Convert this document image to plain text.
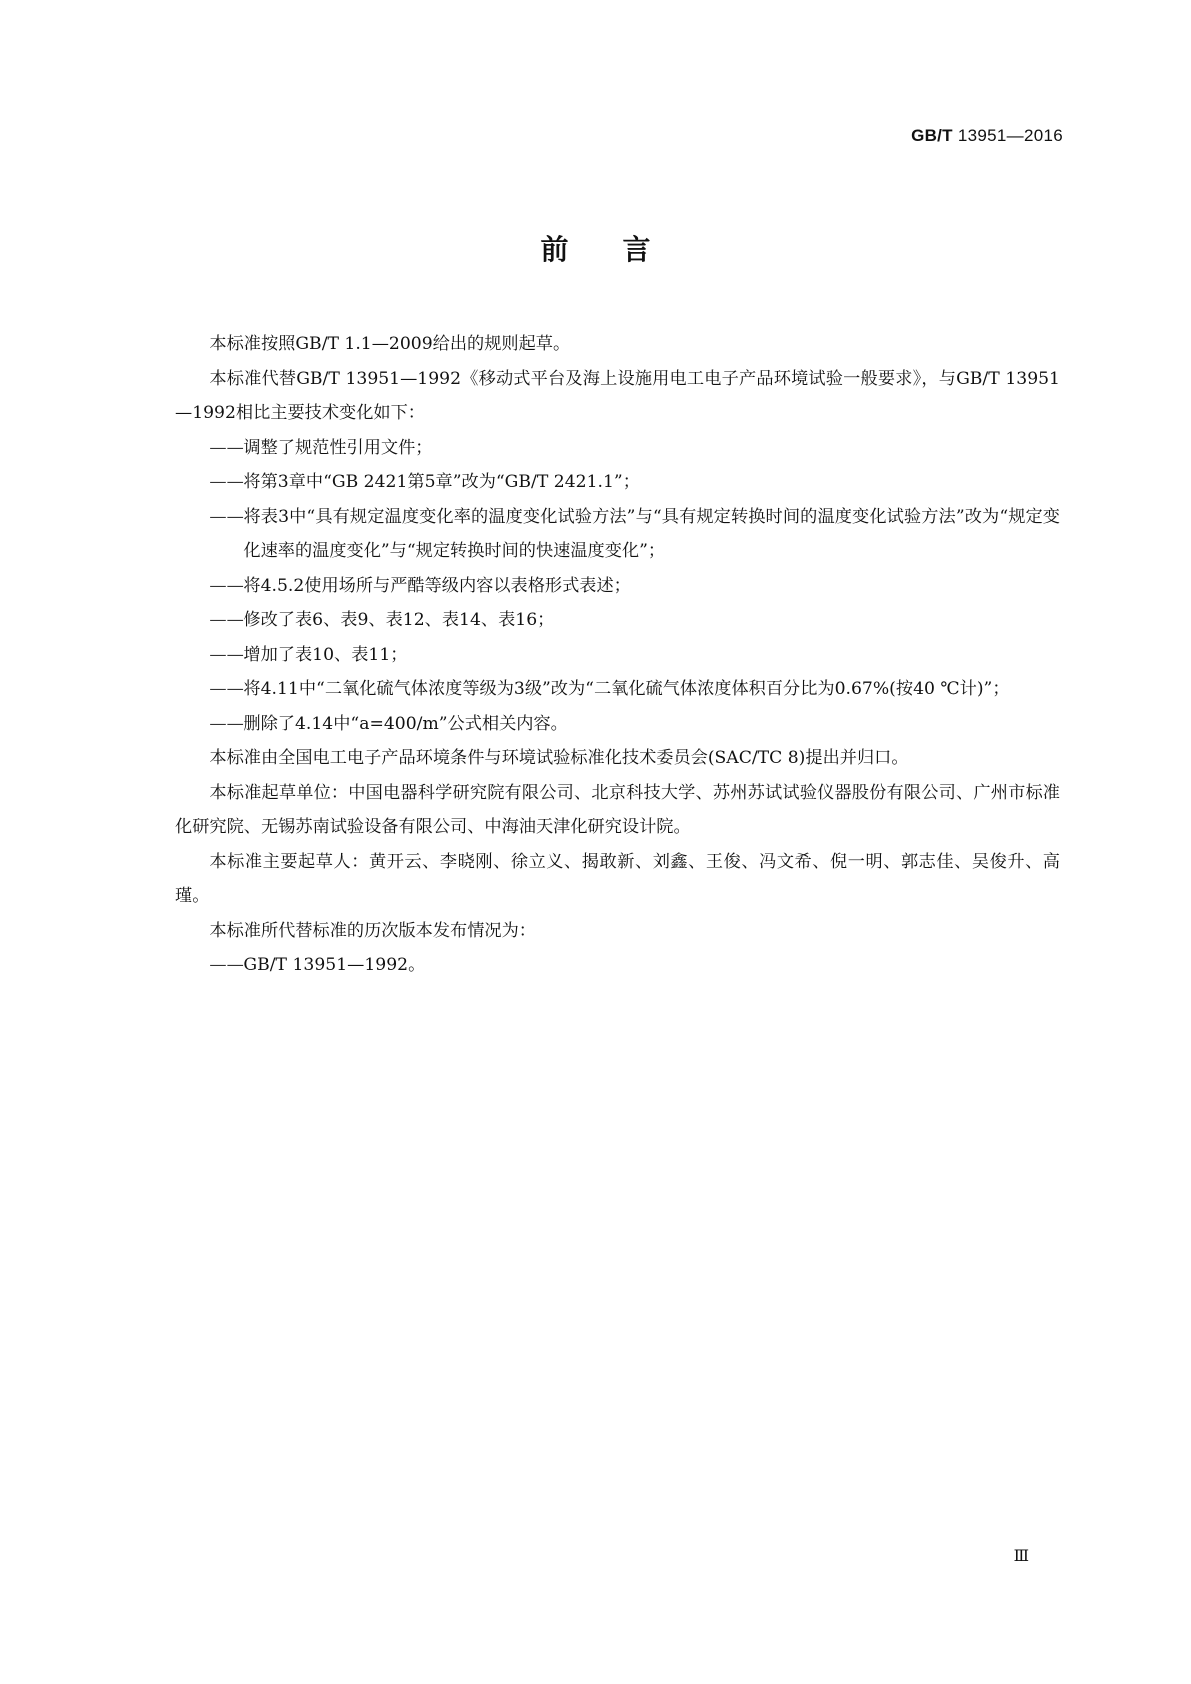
GB/T 13951—2016
前言

本标准按照GB/T 1.1—2009给出的规则起草。

本标准代替GB/T 13951—1992《移动式平台及海上设施用电工电子产品环境试验一般要求》，与GB/T 13951—1992相比主要技术变化如下：

——调整了规范性引用文件；

——将第3章中“GB 2421第5章”改为“GB/T 2421.1”；

——将表3中“具有规定温度变化率的温度变化试验方法”与“具有规定转换时间的温度变化试验方法”改为“规定变化速率的温度变化”与“规定转换时间的快速温度变化”；

——将4.5.2使用场所与严酷等级内容以表格形式表述；

——修改了表6、表9、表12、表14、表16；

——增加了表10、表11；

——将4.11中“二氧化硫气体浓度等级为3级”改为“二氧化硫气体浓度体积百分比为0.67%(按40 ℃计)”；

——删除了4.14中“a=400/m”公式相关内容。

本标准由全国电工电子产品环境条件与环境试验标准化技术委员会(SAC/TC 8)提出并归口。

本标准起草单位：中国电器科学研究院有限公司、北京科技大学、苏州苏试试验仪器股份有限公司、广州市标准化研究院、无锡苏南试验设备有限公司、中海油天津化研究设计院。

本标准主要起草人：黄开云、李晓刚、徐立义、揭敢新、刘鑫、王俊、冯文希、倪一明、郭志佳、吴俊升、高瑾。

本标准所代替标准的历次版本发布情况为：

——GB/T 13951—1992。

Ⅲ
